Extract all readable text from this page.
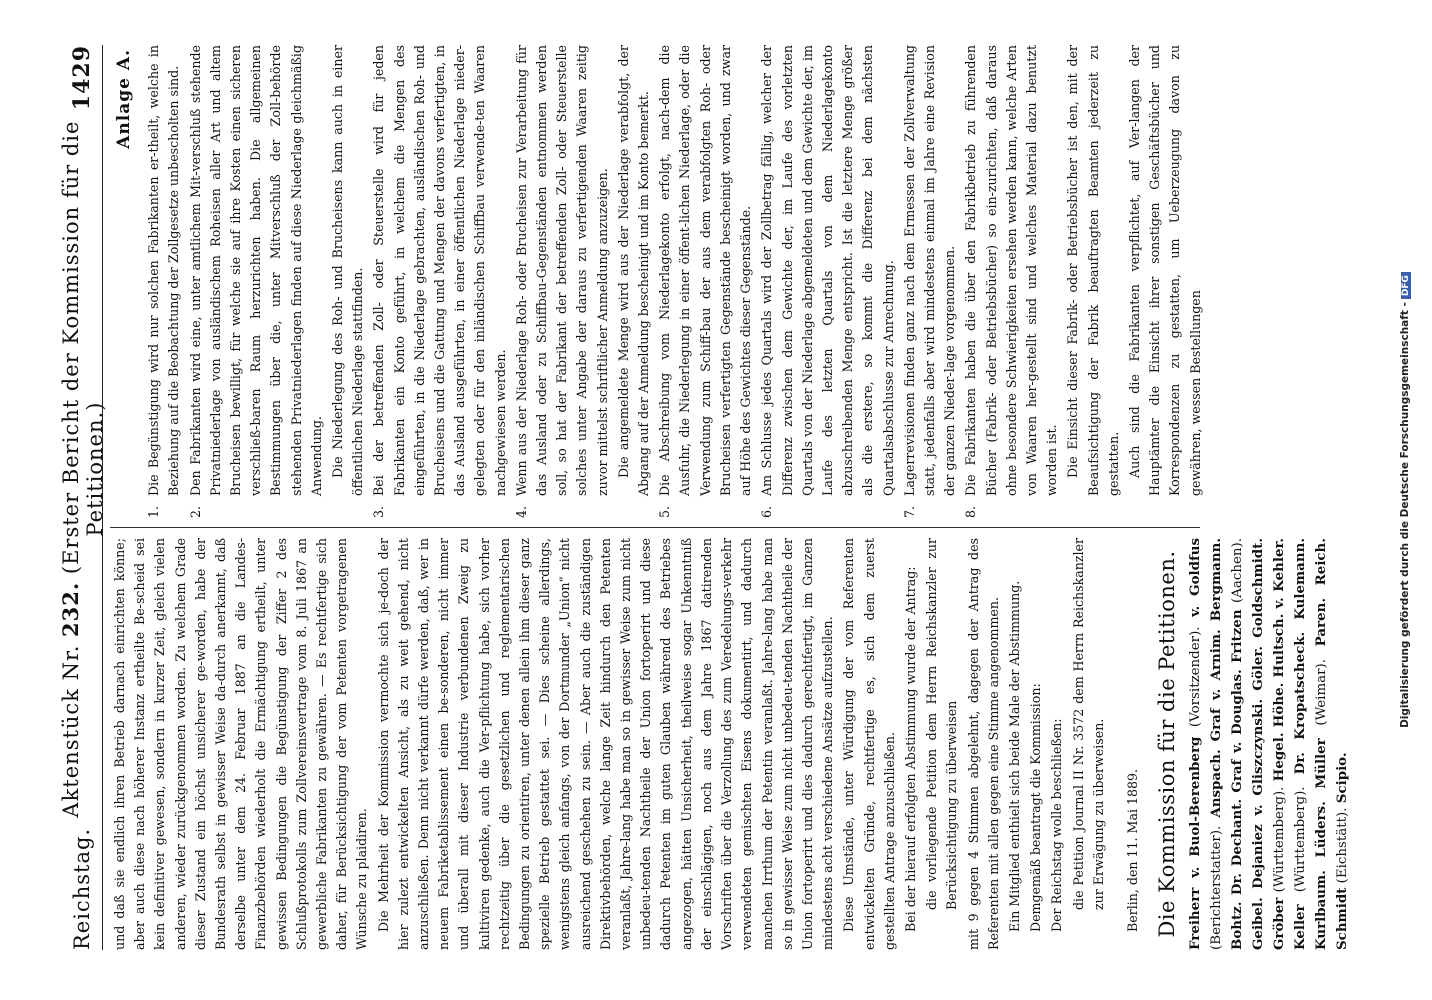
Reichstag.
Aktenstück Nr. 232. (Erster Bericht der Kommission für die Petitionen.)
1429

und daß sie endlich ihren Betrieb darnach einrichten könne; aber auch diese nach höherer Instanz ertheilte Be-scheid sei kein definitiver gewesen, sondern in kurzer Zeit, gleich vielen anderen, wieder zurückgenommen worden. Zu welchem Grade dieser Zustand ein höchst unsicherer ge-worden, habe der Bundesrath selbst in gewisser Weise da-durch anerkannt, daß derselbe unter dem 24. Februar 1887 an die Landes-Finanzbehörden wiederholt die Ermächtigung ertheilt, unter gewissen Bedingungen die Begünstigung der Ziffer 2 des Schlußprotokolls zum Zollvereinsvertrage vom 8. Juli 1867 an gewerbliche Fabrikanten zu gewähren. — Es rechtfertige sich daher, für Berücksichtigung der vom Petenten vorgetragenen Wünsche zu plaidiren. Die Mehrheit der Kommission vermochte sich je-doch der hier zulezt entwickelten Ansicht, als zu weit gehend, nicht anzuschließen. Denn nicht verkannt dürfe werden, daß, wer in neuem Fabriketablissement einen be-sonderen, nicht immer und überall mit dieser Industrie verbundenen Zweig zu kultiviren gedenke, auch die Ver-pflichtung habe, sich vorher rechtzeitig über die gesetzlichen und reglementarischen Bedingungen zu orientiren, unter denen allein ihm dieser ganz spezielle Betrieb gestattet sei. — Dies scheine allerdings, wenigstens gleich anfangs, von der Dortmunder „Union“ nicht ausreichend geschehen zu sein. — Aber auch die zuständigen Direktivbehörden, welche lange Zeit hindurch den Petenten veranlaßt, Jahre-lang habe man so in gewisser Weise zum nicht unbedeu-tenden Nachtheile der Union fortoperirt und diese dadurch Petenten im guten Glauben während des Betriebes angezogen, hätten Unsicherheit, theilweise sogar Unkenntniß der einschlägigen, noch aus dem Jahre 1867 datirenden Vorschriften über die Verzollung des zum Veredelungs-verkehr verwendeten gemischten Eisens dokumentirt, und dadurch manchen Irrthum der Petentin veranlaßt. Jahre-lang habe man so in gewisser Weise zum nicht unbedeu-tenden Nachtheile der Union fortoperirt und dies dadurch gerechtfertigt, im Ganzen mindestens acht verschiedene Ansätze aufzustellen. Diese Umstände, unter Würdigung der vom Referenten entwickelten Gründe, rechtfertige es, sich dem zuerst gestellten Antrage anzuschließen. Bei der hierauf erfolgten Abstimmung wurde der Antrag: die vorliegende Petition dem Herrn Reichskanzler zur Berücksichtigung zu überweisen mit 9 gegen 4 Stimmen abgelehnt, dagegen der Antrag des Referenten mit allen gegen eine Stimme angenommen. Ein Mitglied enthielt sich beide Male der Abstimmung. Demgemäß beantragt die Kommission: Der Reichstag wolle beschließen: die Petition Journal II Nr. 3572 dem Herrn Reichskanzler zur Erwägung zu überweisen. Berlin, den 11. Mai 1889. Die Kommission für die Petitionen. Freiherr v. Buol-Berenberg (Vorsitzender). v. Goldfus (Berichterstatter). Anspach. Graf v. Arnim. Bergmann. Bohtz. Dr. Dechant. Graf v. Douglas. Fritzen (Aachen). Geibel. Dejaniez v. Gliszczynski. Göler. Goldschmidt. Gröber (Württemberg). Hegel. Höhe. Hultsch. v. Kehler. Keller (Württemberg). Dr. Kropatscheck. Kulemann. Kurlbaum. Lüders. Müller (Weimar). Paren. Reich. Schmidt (Eichstätt). Scipio.
Anlage A.
1.

Die Begünstigung wird nur solchen Fabrikanten er-theilt, welche in Beziehung auf die Beobachtung der Zollgesetze unbescholten sind.

2.

Den Fabrikanten wird eine, unter amtlichem Mit-verschluß stehende Privatniederlage von ausländischem Roheisen aller Art und altem Brucheisen bewilligt, für welche sie auf ihre Kosten einen sicheren verschließ-baren Raum herzurichten haben. Die allgemeinen Bestimmungen über die, unter Mitverschluß der Zoll-behörde stehenden Privatniederlagen finden auf diese Niederlage gleichmäßig Anwendung. Die Niederlegung des Roh- und Brucheisens kann auch in einer öffentlichen Niederlage stattfinden.

3.

Bei der betreffenden Zoll- oder Steuerstelle wird für jeden Fabrikanten ein Konto geführt, in welchem die Mengen des eingeführten, in die Niederlage gebrachten, ausländischen Roh- und Brucheisens und die Gattung und Mengen der davons verfertigten, in das Ausland ausgeführten, in einer öffentlichen Niederlage nieder-gelegten oder für den inländischen Schiffbau verwende-ten Waaren nachgewiesen werden.

4.

Wenn aus der Niederlage Roh- oder Brucheisen zur Verarbeitung für das Ausland oder zu Schiffbau-Gegenständen entnommen werden soll, so hat der Fabrikant der betreffenden Zoll- oder Steuerstelle solches unter Angabe der daraus zu verfertigenden Waaren zeitig zuvor mittelst schriftlicher Anmeldung anzuzeigen. Die angemeldete Menge wird aus der Niederlage verabfolgt, der Abgang auf der Anmeldung bescheinigt und im Konto bemerkt.

5.

Die Abschreibung vom Niederlagekonto erfolgt, nach-dem die Ausfuhr, die Niederlegung in einer öffent-lichen Niederlage, oder die Verwendung zum Schiff-bau der aus dem verabfolgten Roh- oder Brucheisen verfertigten Gegenstände bescheinigt worden, und zwar auf Höhe des Gewichtes dieser Gegenstände.

6.

Am Schlusse jedes Quartals wird der Zollbetrag fällig, welcher der Differenz zwischen dem Gewichte der, im Laufe des vorletzten Quartals von der Niederlage abgemeldeten und dem Gewichte der, im Laufe des letzten Quartals von dem Niederlagekonto abzuschreibenden Menge entspricht. Ist die letztere Menge größer als die erstere, so kommt die Differenz bei dem nächsten Quartalsabschlusse zur Anrechnung.

7.

Lagerrevisionen finden ganz nach dem Ermessen der Zollverwaltung statt, jedenfalls aber wird mindestens einmal im Jahre eine Revision der ganzen Nieder-lage vorgenommen.

8.

Die Fabrikanten haben die über den Fabrikbetrieb zu führenden Bücher (Fabrik- oder Betriebsbücher) so ein-zurichten, daß daraus ohne besondere Schwierigkeiten ersehen werden kann, welche Arten von Waaren her-gestellt sind und welches Material dazu benutzt worden ist. Die Einsicht dieser Fabrik- oder Betriebsbücher ist den, mit der Beaufsichtigung der Fabrik beauftragten Beamten jederzeit zu gestatten. Auch sind die Fabrikanten verpflichtet, auf Ver-langen der Hauptämter die Einsicht ihrer sonstigen Geschäftsbücher und Korrespondenzen zu gestatten, um Ueberzeugung davon zu gewähren, wessen Bestellungen	Digitalisierung gefördert durch die Deutsche Forschungsgemeinschaft -DFG
